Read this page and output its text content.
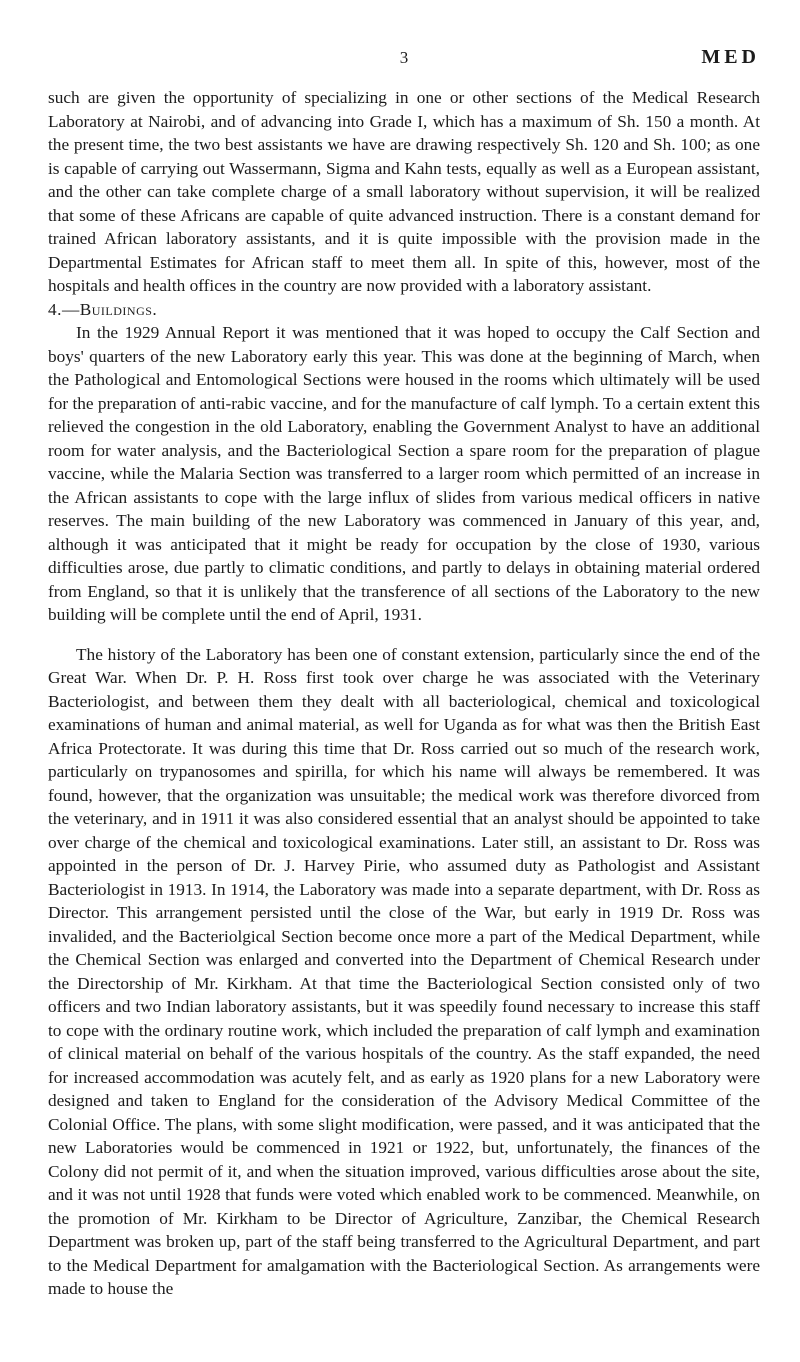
3	MED

such are given the opportunity of specializing in one or other sections of the Medical Research Laboratory at Nairobi, and of advancing into Grade I, which has a maximum of Sh. 150 a month. At the present time, the two best assistants we have are drawing respectively Sh. 120 and Sh. 100; as one is capable of carrying out Wassermann, Sigma and Kahn tests, equally as well as a European assistant, and the other can take complete charge of a small laboratory without supervision, it will be realized that some of these Africans are capable of quite advanced instruction. There is a constant demand for trained African laboratory assistants, and it is quite impossible with the provision made in the Departmental Estimates for African staff to meet them all. In spite of this, however, most of the hospitals and health offices in the country are now provided with a laboratory assistant.

4.—Buildings.

In the 1929 Annual Report it was mentioned that it was hoped to occupy the Calf Section and boys' quarters of the new Laboratory early this year. This was done at the beginning of March, when the Pathological and Entomological Sections were housed in the rooms which ultimately will be used for the preparation of anti-rabic vaccine, and for the manufacture of calf lymph. To a certain extent this relieved the congestion in the old Laboratory, enabling the Government Analyst to have an additional room for water analysis, and the Bacteriological Section a spare room for the preparation of plague vaccine, while the Malaria Section was transferred to a larger room which permitted of an increase in the African assistants to cope with the large influx of slides from various medical officers in native reserves. The main building of the new Laboratory was commenced in January of this year, and, although it was anticipated that it might be ready for occupation by the close of 1930, various difficulties arose, due partly to climatic conditions, and partly to delays in obtaining material ordered from England, so that it is unlikely that the transference of all sections of the Laboratory to the new building will be complete until the end of April, 1931.

The history of the Laboratory has been one of constant extension, particularly since the end of the Great War. When Dr. P. H. Ross first took over charge he was associated with the Veterinary Bacteriologist, and between them they dealt with all bacteriological, chemical and toxicological examinations of human and animal material, as well for Uganda as for what was then the British East Africa Protectorate. It was during this time that Dr. Ross carried out so much of the research work, particularly on trypanosomes and spirilla, for which his name will always be remembered. It was found, however, that the organization was unsuitable; the medical work was therefore divorced from the veterinary, and in 1911 it was also considered essential that an analyst should be appointed to take over charge of the chemical and toxicological examinations. Later still, an assistant to Dr. Ross was appointed in the person of Dr. J. Harvey Pirie, who assumed duty as Pathologist and Assistant Bacteriologist in 1913. In 1914, the Laboratory was made into a separate department, with Dr. Ross as Director. This arrangement persisted until the close of the War, but early in 1919 Dr. Ross was invalided, and the Bacteriolgical Section become once more a part of the Medical Department, while the Chemical Section was enlarged and converted into the Department of Chemical Research under the Directorship of Mr. Kirkham. At that time the Bacteriological Section consisted only of two officers and two Indian laboratory assistants, but it was speedily found necessary to increase this staff to cope with the ordinary routine work, which included the preparation of calf lymph and examination of clinical material on behalf of the various hospitals of the country. As the staff expanded, the need for increased accommodation was acutely felt, and as early as 1920 plans for a new Laboratory were designed and taken to England for the consideration of the Advisory Medical Committee of the Colonial Office. The plans, with some slight modification, were passed, and it was anticipated that the new Laboratories would be commenced in 1921 or 1922, but, unfortunately, the finances of the Colony did not permit of it, and when the situation improved, various difficulties arose about the site, and it was not until 1928 that funds were voted which enabled work to be commenced. Meanwhile, on the promotion of Mr. Kirkham to be Director of Agriculture, Zanzibar, the Chemical Research Department was broken up, part of the staff being transferred to the Agricultural Department, and part to the Medical Department for amalgamation with the Bacteriological Section. As arrangements were made to house the
